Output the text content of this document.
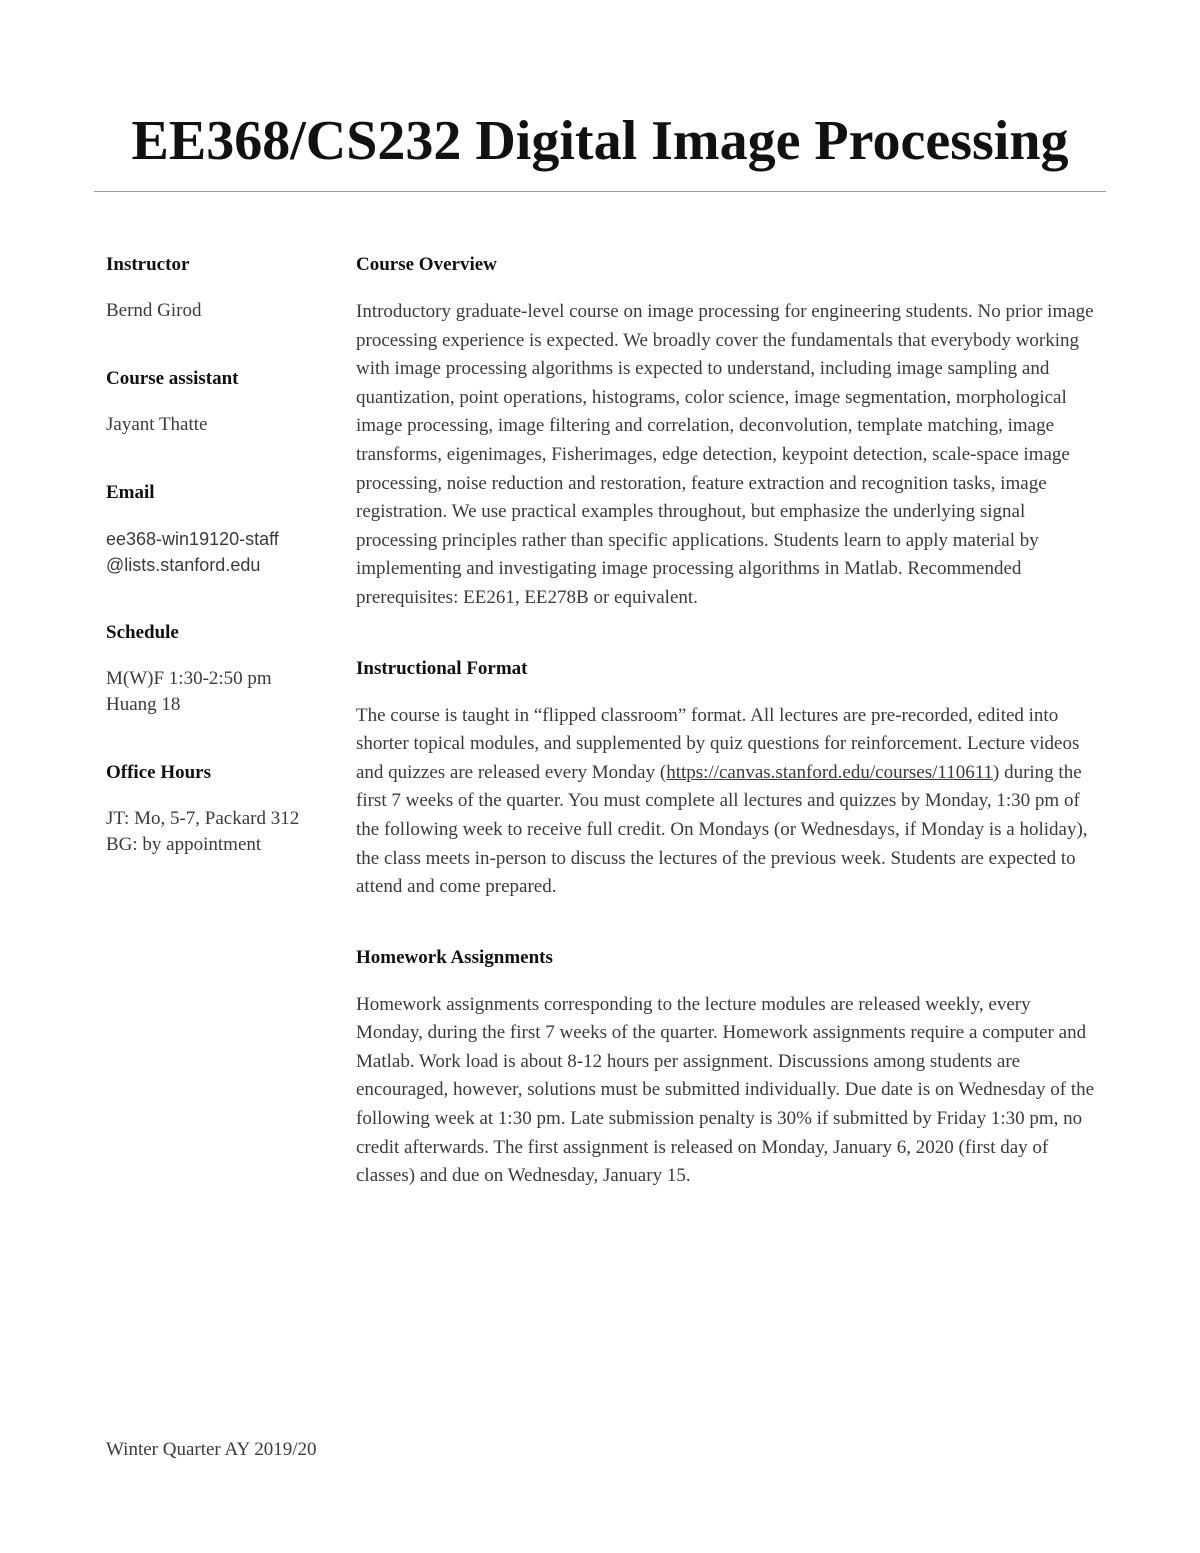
EE368/CS232 Digital Image Processing
Instructor
Bernd Girod
Course assistant
Jayant Thatte
Email
ee368-win19120-staff
@lists.stanford.edu
Schedule
M(W)F 1:30-2:50 pm
Huang 18
Office Hours
JT: Mo, 5-7, Packard 312
BG: by appointment
Course Overview

Introductory graduate-level course on image processing for engineering students. No prior image processing experience is expected. We broadly cover the fundamentals that everybody working with image processing algorithms is expected to understand, including image sampling and quantization, point operations, histograms, color science, image segmentation, morphological image processing, image filtering and correlation, deconvolution, template matching, image transforms, eigenimages, Fisherimages, edge detection, keypoint detection, scale-space image processing, noise reduction and restoration, feature extraction and recognition tasks, image registration. We use practical examples throughout, but emphasize the underlying signal processing principles rather than specific applications. Students learn to apply material by implementing and investigating image processing algorithms in Matlab. Recommended prerequisites: EE261, EE278B or equivalent.

Instructional Format

The course is taught in “flipped classroom” format. All lectures are pre-recorded, edited into shorter topical modules, and supplemented by quiz questions for reinforcement. Lecture videos and quizzes are released every Monday (https://canvas.stanford.edu/courses/110611) during the first 7 weeks of the quarter. You must complete all lectures and quizzes by Monday, 1:30 pm of the following week to receive full credit. On Mondays (or Wednesdays, if Monday is a holiday), the class meets in-person to discuss the lectures of the previous week. Students are expected to attend and come prepared.

Homework Assignments

Homework assignments corresponding to the lecture modules are released weekly, every Monday, during the first 7 weeks of the quarter. Homework assignments require a computer and Matlab. Work load is about 8-12 hours per assignment. Discussions among students are encouraged, however, solutions must be submitted individually. Due date is on Wednesday of the following week at 1:30 pm. Late submission penalty is 30% if submitted by Friday 1:30 pm, no credit afterwards. The first assignment is released on Monday, January 6, 2020 (first day of classes) and due on Wednesday, January 15.

Winter Quarter AY 2019/20
